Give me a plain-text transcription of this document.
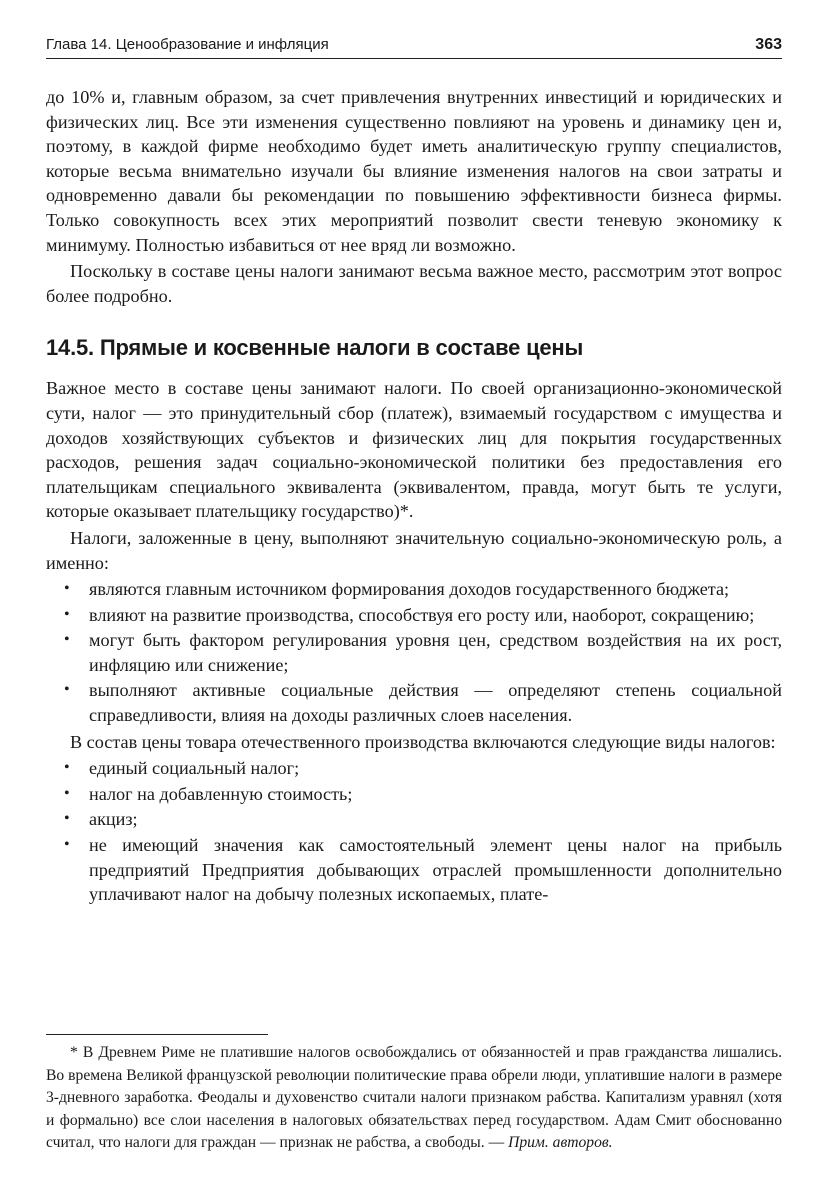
Глава 14. Ценообразование и инфляция	363

до 10% и, главным образом, за счет привлечения внутренних инвестиций и юридических и физических лиц. Все эти изменения существенно повлияют на уровень и динамику цен и, поэтому, в каждой фирме необходимо будет иметь аналитическую группу специалистов, которые весьма внимательно изучали бы влияние изменения налогов на свои затраты и одновременно давали бы рекомендации по повышению эффективности бизнеса фирмы. Только совокупность всех этих мероприятий позволит свести теневую экономику к минимуму. Полностью избавиться от нее вряд ли возможно.

Поскольку в составе цены налоги занимают весьма важное место, рассмотрим этот вопрос более подробно.

14.5. Прямые и косвенные налоги в составе цены

Важное место в составе цены занимают налоги. По своей организационно-экономической сути, налог — это принудительный сбор (платеж), взимаемый государством с имущества и доходов хозяйствующих субъектов и физических лиц для покрытия государственных расходов, решения задач социально-экономической политики без предоставления его плательщикам специального эквивалента (эквивалентом, правда, могут быть те услуги, которые оказывает плательщику государство)*.

Налоги, заложенные в цену, выполняют значительную социально-экономическую роль, а именно:

• являются главным источником формирования доходов государственного бюджета;
• влияют на развитие производства, способствуя его росту или, наоборот, сокращению;
• могут быть фактором регулирования уровня цен, средством воздействия на их рост, инфляцию или снижение;
• выполняют активные социальные действия — определяют степень социальной справедливости, влияя на доходы различных слоев населения.

В состав цены товара отечественного производства включаются следующие виды налогов:

• единый социальный налог;
• налог на добавленную стоимость;
• акциз;
• не имеющий значения как самостоятельный элемент цены налог на прибыль предприятий Предприятия добывающих отраслей промышленности дополнительно уплачивают налог на добычу полезных ископаемых, плате-
* В Древнем Риме не платившие налогов освобождались от обязанностей и прав гражданства лишались. Во времена Великой французской революции политические права обрели люди, уплатившие налоги в размере 3-дневного заработка. Феодалы и духовенство считали налоги признаком рабства. Капитализм уравнял (хотя и формально) все слои населения в налоговых обязательствах перед государством. Адам Смит обоснованно считал, что налоги для граждан — признак не рабства, а свободы. — Прим. авторов.
